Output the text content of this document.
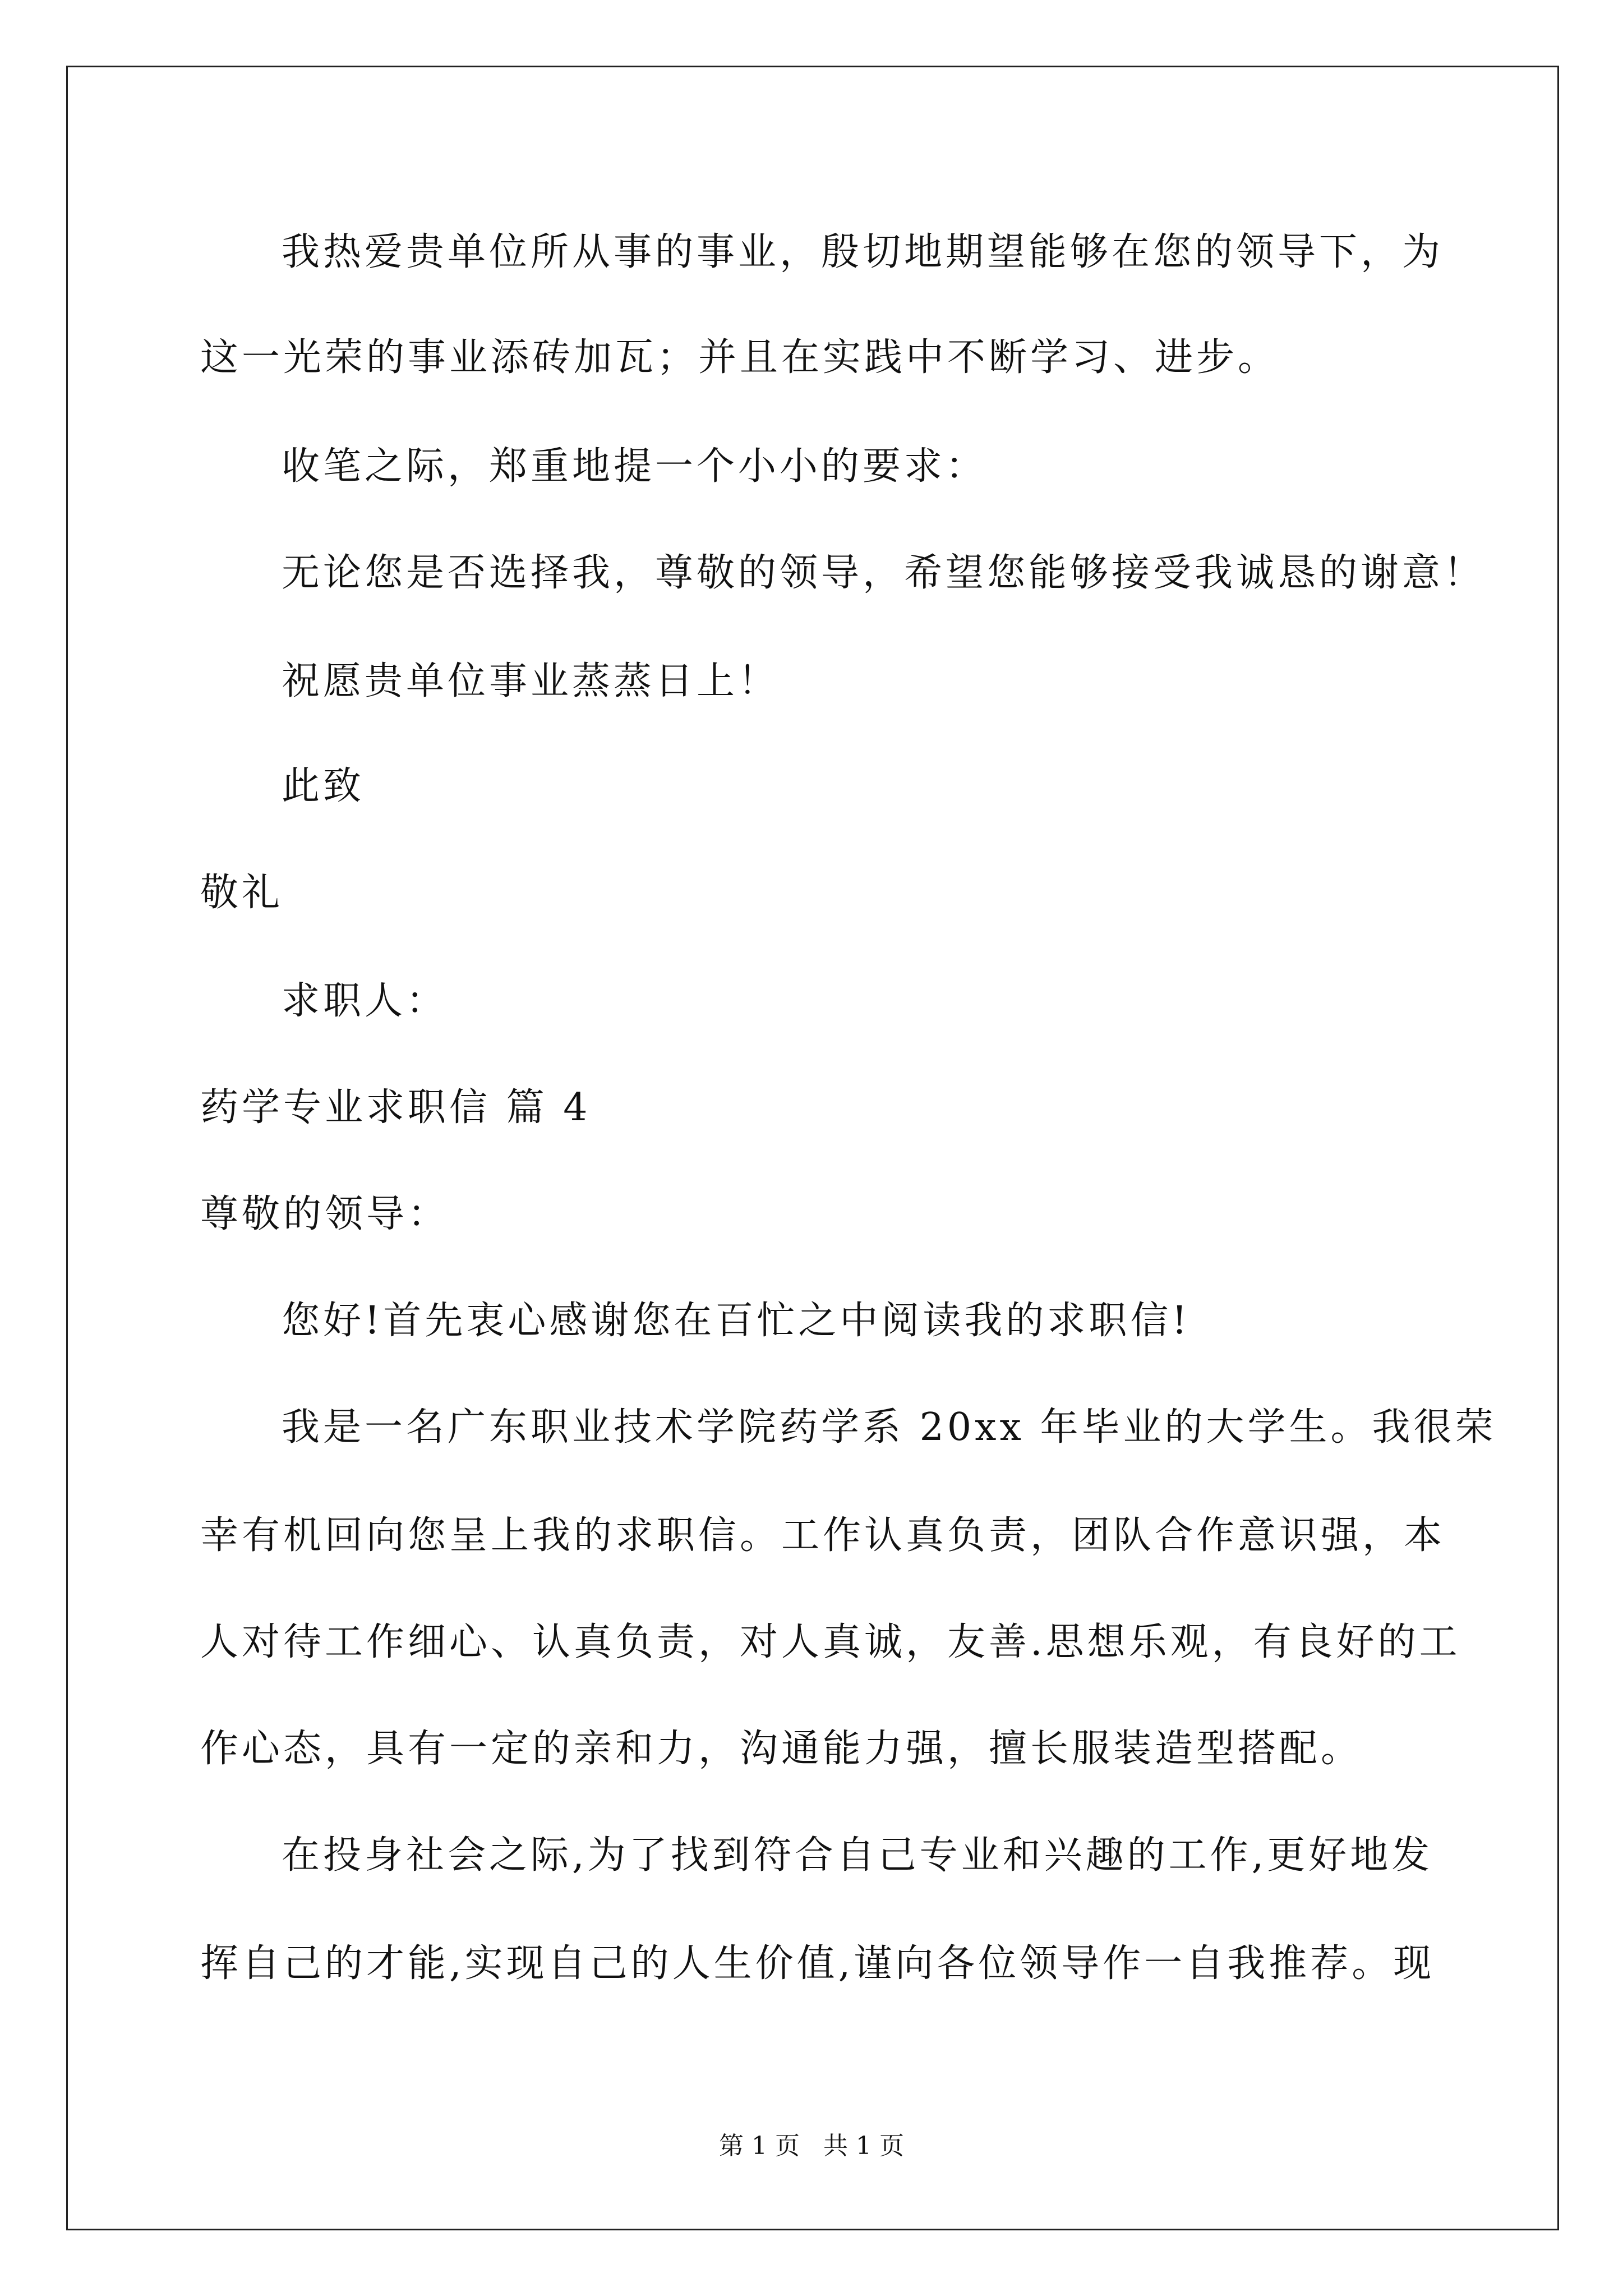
我热爱贵单位所从事的事业，殷切地期望能够在您的领导下，为
这一光荣的事业添砖加瓦；并且在实践中不断学习、进步。
收笔之际，郑重地提一个小小的要求：
无论您是否选择我，尊敬的领导，希望您能够接受我诚恳的谢意！
祝愿贵单位事业蒸蒸日上！
此致
敬礼
求职人：
药学专业求职信 篇 4
尊敬的领导：
您好!首先衷心感谢您在百忙之中阅读我的求职信!
我是一名广东职业技术学院药学系 20xx 年毕业的大学生。我很荣
幸有机回向您呈上我的求职信。工作认真负责，团队合作意识强，本
人对待工作细心、认真负责，对人真诚，友善.思想乐观，有良好的工
作心态，具有一定的亲和力，沟通能力强，擅长服装造型搭配。
在投身社会之际,为了找到符合自己专业和兴趣的工作,更好地发
挥自己的才能,实现自己的人生价值,谨向各位领导作一自我推荐。现
第 1 页   共 1 页
